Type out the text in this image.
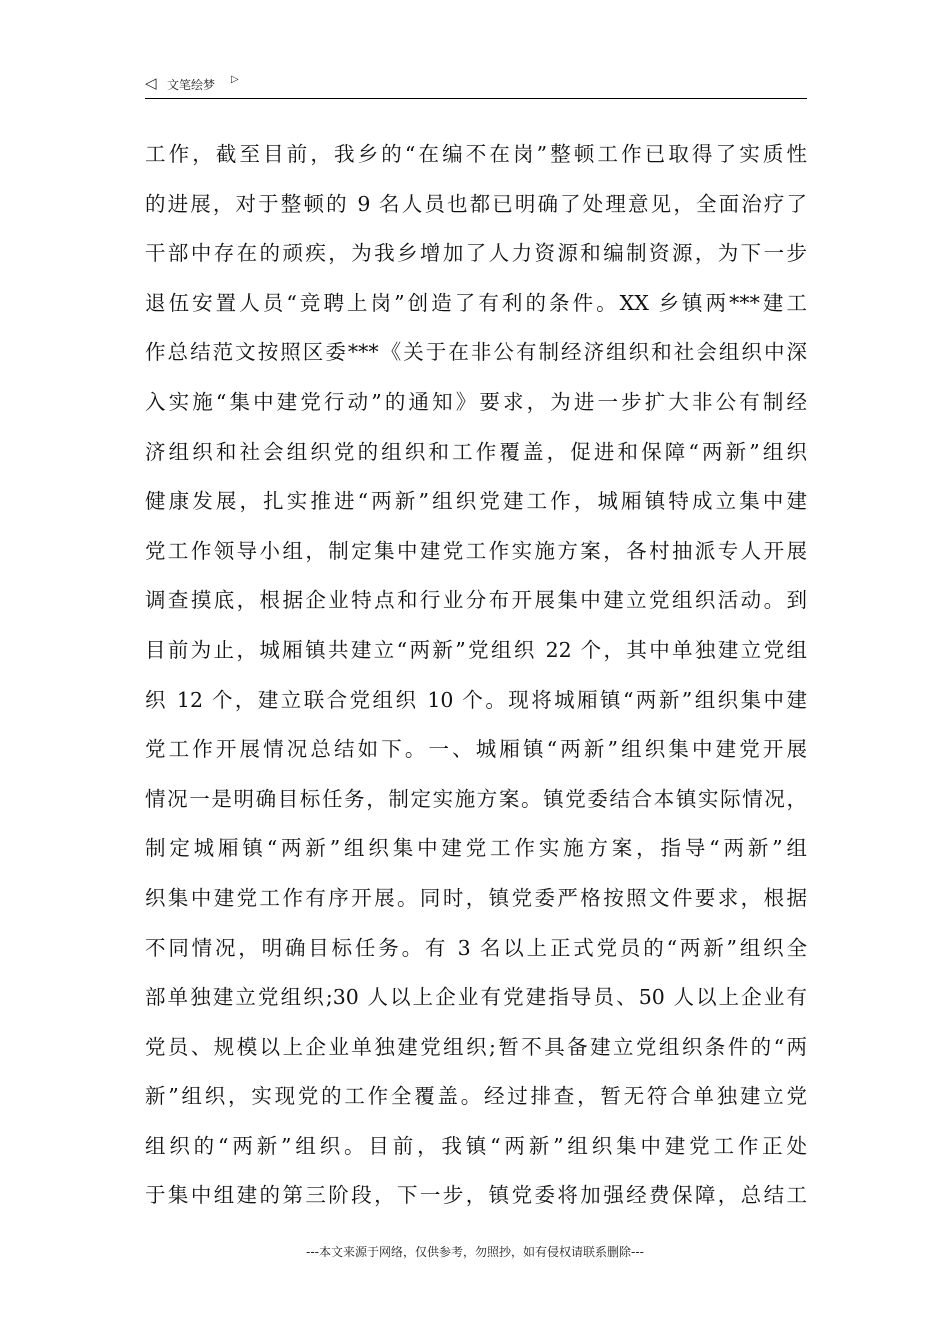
◁ 文笔绘梦 ▷
工作，截至目前，我乡的“在编不在岗”整顿工作已取得了实质性
的进展，对于整顿的 9 名人员也都已明确了处理意见，全面治疗了
干部中存在的顽疾，为我乡增加了人力资源和编制资源，为下一步
退伍安置人员“竞聘上岗”创造了有利的条件。XX 乡镇两***建工
作总结范文按照区委***《关于在非公有制经济组织和社会组织中深
入实施“集中建党行动”的通知》要求，为进一步扩大非公有制经
济组织和社会组织党的组织和工作覆盖，促进和保障“两新”组织
健康发展，扎实推进“两新”组织党建工作，城厢镇特成立集中建
党工作领导小组，制定集中建党工作实施方案，各村抽派专人开展
调查摸底，根据企业特点和行业分布开展集中建立党组织活动。到
目前为止，城厢镇共建立“两新”党组织 22 个，其中单独建立党组
织 12 个，建立联合党组织 10 个。现将城厢镇“两新”组织集中建
党工作开展情况总结如下。一、城厢镇“两新”组织集中建党开展
情况一是明确目标任务，制定实施方案。镇党委结合本镇实际情况，
制定城厢镇“两新”组织集中建党工作实施方案，指导“两新”组
织集中建党工作有序开展。同时，镇党委严格按照文件要求，根据
不同情况，明确目标任务。有 3 名以上正式党员的“两新”组织全
部单独建立党组织;30 人以上企业有党建指导员、50 人以上企业有
党员、规模以上企业单独建党组织;暂不具备建立党组织条件的“两
新”组织，实现党的工作全覆盖。经过排查，暂无符合单独建立党
组织的“两新”组织。目前，我镇“两新”组织集中建党工作正处
于集中组建的第三阶段，下一步，镇党委将加强经费保障，总结工
---本文来源于网络，仅供参考，勿照抄，如有侵权请联系删除---
